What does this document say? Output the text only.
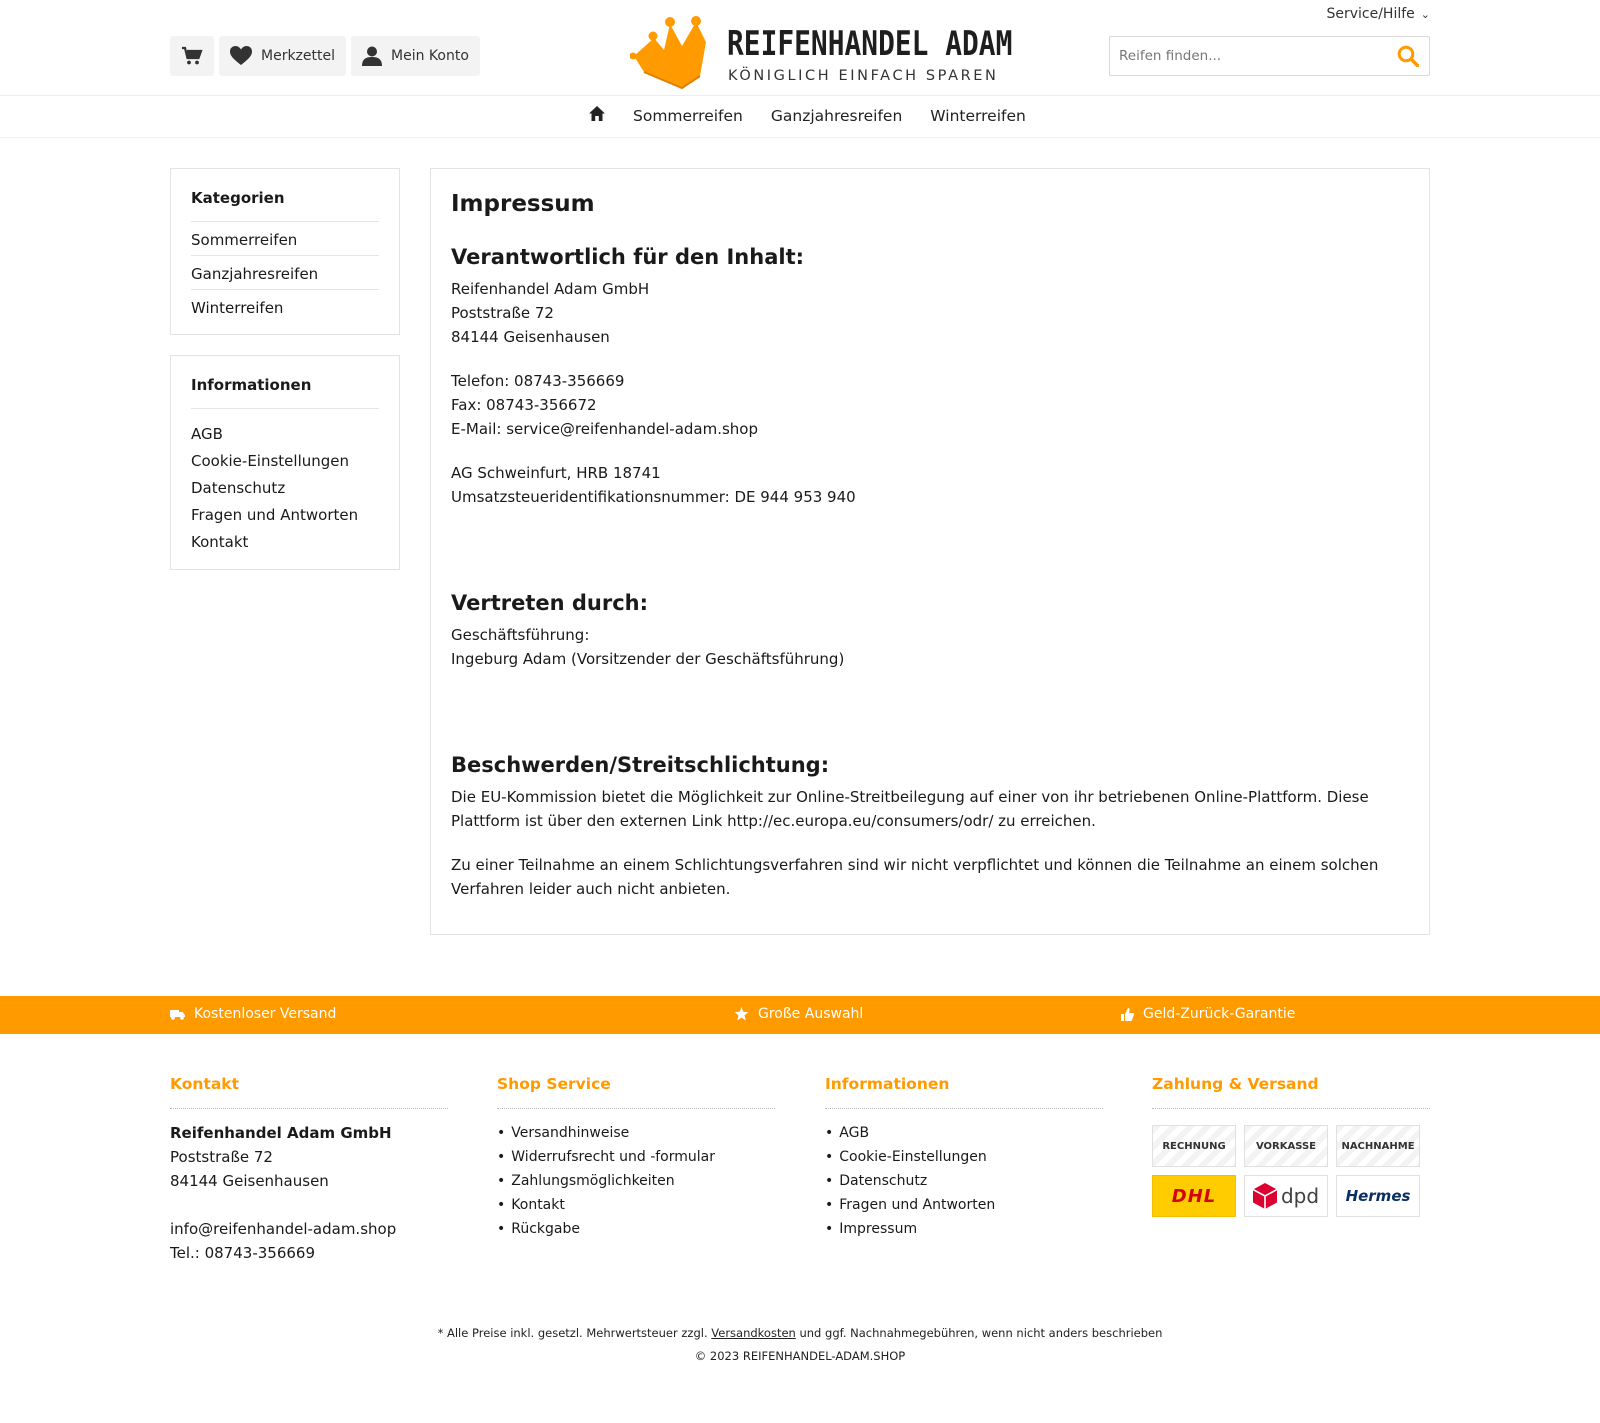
Service/Hilfe ⌄
Merkzettel	Mein Konto	REIFENHANDEL ADAM
KÖNIGLICH EINFACH SPAREN
Reifen finden...
Sommerreifen Ganzjahresreifen Winterreifen
Kategorien
Sommerreifen
Ganzjahresreifen
Winterreifen
Informationen
AGB
Cookie-Einstellungen
Datenschutz
Fragen und Antworten
Kontakt
Impressum
Verantwortlich für den Inhalt:

Reifenhandel Adam GmbH
Poststraße 72
84144 Geisenhausen

Telefon: 08743-356669
Fax: 08743-356672
E-Mail: service@reifenhandel-adam.shop

AG Schweinfurt, HRB 18741
Umsatzsteueridentifikationsnummer: DE 944 953 940

Vertreten durch:

Geschäftsführung:
Ingeburg Adam (Vorsitzender der Geschäftsführung)

Beschwerden/Streitschlichtung:

Die EU-Kommission bietet die Möglichkeit zur Online-Streitbeilegung auf einer von ihr betriebenen Online-Plattform. Diese Plattform ist über den externen Link http://ec.europa.eu/consumers/odr/ zu erreichen.

Zu einer Teilnahme an einem Schlichtungsverfahren sind wir nicht verpflichtet und können die Teilnahme an einem solchen Verfahren leider auch nicht anbieten.

Kostenloser Versand	Große Auswahl	Geld-Zurück-Garantie
Kontakt
Reifenhandel Adam GmbH
Poststraße 72
84144 Geisenhausen

info@reifenhandel-adam.shop
Tel.: 08743-356669
Shop Service
• Versandhinweise
• Widerrufsrecht und -formular
• Zahlungsmöglichkeiten
• Kontakt
• Rückgabe
Informationen
• AGB
• Cookie-Einstellungen
• Datenschutz
• Fragen und Antworten
• Impressum
Zahlung & Versand
RECHNUNG	VORKASSE	NACHNAHME
DHL	dpd	Hermes
* Alle Preise inkl. gesetzl. Mehrwertsteuer zzgl. Versandkosten und ggf. Nachnahmegebühren, wenn nicht anders beschrieben
© 2023 REIFENHANDEL-ADAM.SHOP
